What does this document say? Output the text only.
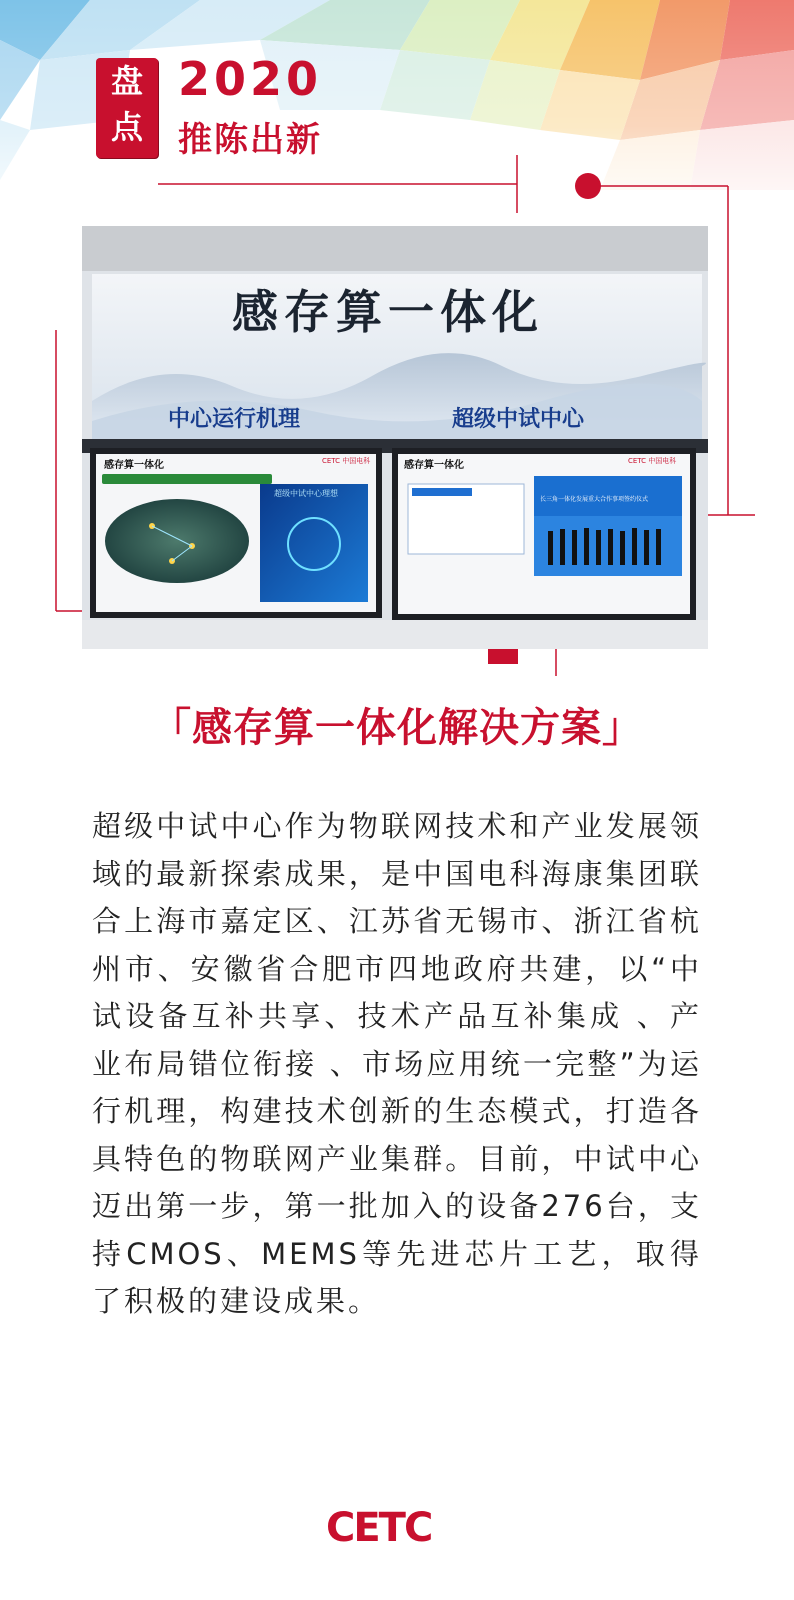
盘
点
2020
推陈出新
感存算一体化
中心运行机理	超级中试中心
感存算一体化	CETC 中国电科
超级中试中心理想
感存算一体化	CETC 中国电科
长三角一体化发展重大合作事项签约仪式
「感存算一体化解决方案」
超级中试中心作为物联网技术和产业发展领域的最新探索成果，是中国电科海康集团联合上海市嘉定区、江苏省无锡市、浙江省杭州市、安徽省合肥市四地政府共建，以“中试设备互补共享、技术产品互补集成 、产业布局错位衔接 、市场应用统一完整”为运行机理，构建技术创新的生态模式，打造各具特色的物联网产业集群。目前，中试中心迈出第一步，第一批加入的设备276台，支持CMOS、MEMS等先进芯片工艺，取得了积极的建设成果。
CETC
